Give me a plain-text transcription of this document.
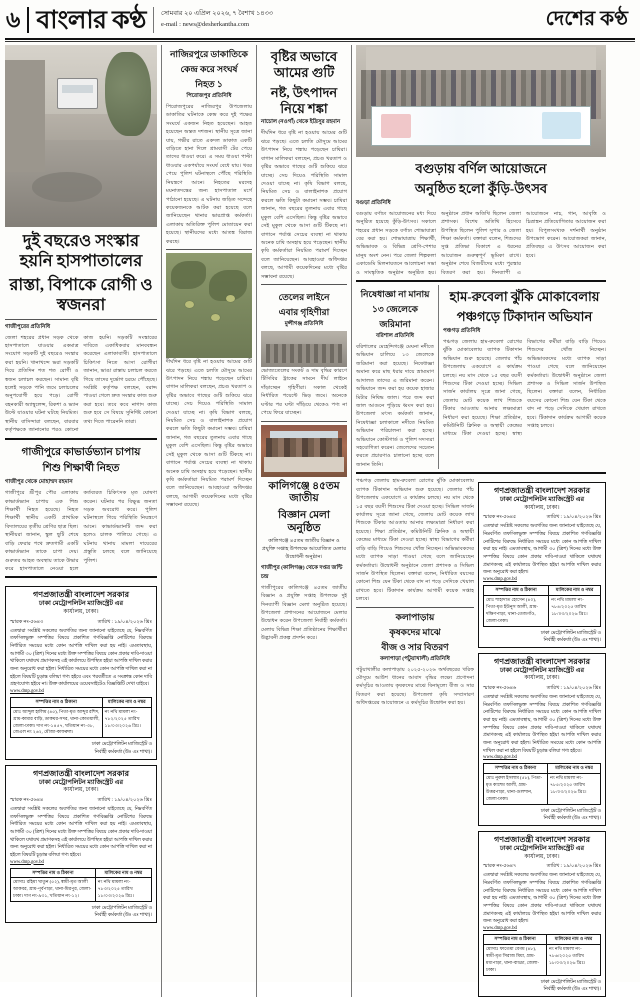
৬ বাংলার কণ্ঠ সোমবার ২০ এপ্রিল ২০২৬, ৭ বৈশাখ ১৪৩৩
e-mail : news@desherkantha.com	দেশের কণ্ঠ
দুই বছরেও সংস্কার হয়নি হাসপাতালের
রাস্তা, বিপাকে রোগী ও স্বজনরা
গাজীপুরের প্রতিনিধি
জেলা শহরের প্রধান সড়ক থেকে হাসপাতালে যাওয়ার একমাত্র সংযোগ সড়কটি দুই বছরেও সংস্কার করা হয়নি। খানাখন্দে ভরা সড়কটি দিয়ে প্রতিদিন শত শত রোগী ও স্বজন চলাচল করছেন। সামান্য বৃষ্টি হলেই সড়কে পানি জমে চলাচলের অনুপযোগী হয়ে পড়ে। রোগী বহনকারী অ্যাম্বুলেন্স, রিকশা ও ভ্যান উল্টে যাওয়ার ঘটনা ঘটছে নিয়মিত। স্থানীয় বাসিন্দারা বলছেন, বারবার কর্তৃপক্ষকে জানানোর পরও কোনো কাজ হয়নি। সড়কটি সংস্কারের দাবিতে একাধিকবার মানববন্ধন করেছেন এলাকাবাসী। হাসপাতালে চিকিৎসা নিতে আসা রোগীরা জানান, ভাঙা রাস্তায় চলাচল করতে গিয়ে তাদের দুর্ভোগ চরমে পৌঁছেছে। সংশ্লিষ্ট কর্তৃপক্ষ বলছেন, বরাদ্দ পাওয়া গেলে দ্রুত সংস্কার কাজ শুরু করা হবে। তবে কবে নাগাদ কাজ শুরু হবে সে বিষয়ে সুনির্দিষ্ট কোনো তথ্য দিতে পারেননি তারা।
গাজীপুরে কাভার্ডভ্যান চাপায়
শিশু শিক্ষার্থী নিহত
গাজীপুর থেকে মোহাম্মদ রহমান
গাজীপুরে শ্রীপুর পৌর এলাকায় কাভার্ডভ্যান চাপায় এক শিশু শিক্ষার্থী নিহত হয়েছে। নিহত শিক্ষার্থী স্থানীয় একটি প্রাথমিক বিদ্যালয়ের তৃতীয় শ্রেণির ছাত্র ছিল। স্থানীয়রা জানান, স্কুল ছুটি শেষে বাড়ি ফেরার পথে দ্রুতগামী একটি কাভার্ডভ্যান তাকে চাপা দেয়। গুরুতর আহত অবস্থায় তাকে উদ্ধার করে হাসপাতালে নেওয়া হলে কর্তব্যরত চিকিৎসক মৃত ঘোষণা করেন। ঘটনার পর বিক্ষুব্ধ জনতা সড়ক অবরোধ করে। পুলিশ ঘটনাস্থলে গিয়ে পরিস্থিতি নিয়ন্ত্রণে আনে। কাভার্ডভ্যানটি জব্দ করা হলেও চালক পালিয়ে গেছে। এ ঘটনায় থানায় মামলা দায়েরের প্রস্তুতি চলছে বলে জানিয়েছে পুলিশ।
গণপ্রজাতন্ত্রী বাংলাদেশ সরকার
ঢাকা মেট্রোপলিটন ম্যাজিস্ট্রেট এর
কার্যালয়, ঢাকা।
স্মারক নং-৫৬৪৩	তারিখ : ১৯/০৪/২০২৬ খ্রিঃ
এতদ্বারা সংশ্লিষ্ট সকলের অবগতির জন্য জানানো যাইতেছে যে, নিম্নবর্ণিত তফসিলভুক্ত সম্পত্তির বিষয়ে প্রকাশিত গণবিজ্ঞপ্তি নোটিশের বিরুদ্ধে নির্ধারিত সময়ের মধ্যে কোন আপত্তি দাখিল করা হয় নাই। এমতাবস্থায়, আগামী ৩০ (ত্রিশ) দিনের মধ্যে উক্ত সম্পত্তির বিষয়ে কোন প্রকার দাবি-দাওয়া থাকিলে যথাযথ প্রমাণকসহ এই কার্যালয়ে উপস্থিত হইয়া আপত্তি দাখিল করার জন্য অনুরোধ করা হইল। নির্ধারিত সময়ের মধ্যে কোন আপত্তি দাখিল করা না হইলে বিষয়টি চূড়ান্ত বলিয়া গণ্য হইবে এবং পরবর্তীতে এ সংক্রান্ত কোন দাবি গ্রহণযোগ্য হইবে না। উক্ত কার্যালয়ের ওয়েবসাইটেও বিজ্ঞপ্তিটি দেখা যাইবে।
www.dmp.gov.bd
সম্পত্তির নাম ও ঠিকানা	মালিকের নাম ও নম্বর
মোঃ আব্দুল হালিম (৪৫), পিতা-মৃত আব্দুর রশিদ, গ্রাম-কামার বাড়ি, ডাকঘর-সদর, থানা-কোতয়ালী, জেলা-ঢাকা। দাগ নং-১৪৫৭, খতিয়ান নং-৩৮, জেএল নং ২৬২, মৌজা-কাফরুল।	নং নথি মামলা নং- ৭৮২/২০২৫ তারিখ ১৮/০৩/২০২৬ খ্রিঃ।
ঢাকা মেট্রোপলিটন ম্যাজিস্ট্রেট ও
নির্বাহী কর্মকর্তা (উঃ এঃ শাখা)।
গণপ্রজাতন্ত্রী বাংলাদেশ সরকার
ঢাকা মেট্রোপলিটন ম্যাজিস্ট্রেট এর
কার্যালয়, ঢাকা।
স্মারক নং-৫৬৪৪	তারিখ : ১৯/০৪/২০২৬ খ্রিঃ
এতদ্বারা সংশ্লিষ্ট সকলের অবগতির জন্য জানানো যাইতেছে যে, নিম্নবর্ণিত তফসিলভুক্ত সম্পত্তির বিষয়ে প্রকাশিত গণবিজ্ঞপ্তি নোটিশের বিরুদ্ধে নির্ধারিত সময়ের মধ্যে কোন আপত্তি দাখিল করা হয় নাই। এমতাবস্থায়, আগামী ৩০ (ত্রিশ) দিনের মধ্যে উক্ত সম্পত্তির বিষয়ে কোন প্রকার দাবি-দাওয়া থাকিলে যথাযথ প্রমাণকসহ এই কার্যালয়ে উপস্থিত হইয়া আপত্তি দাখিল করার জন্য অনুরোধ করা হইল। নির্ধারিত সময়ের মধ্যে কোন আপত্তি দাখিল করা না হইলে বিষয়টি চূড়ান্ত বলিয়া গণ্য হইবে।
www.dmp.gov.bd
সম্পত্তির নাম ও ঠিকানা	মালিকের নাম ও নম্বর
মোসাঃ রহিমা খাতুন (৫২), স্বামী-মৃত আলী আকবর, গ্রাম-পূর্বপাড়া, থানা-মিরপুর, জেলা-ঢাকা। দাগ নং-৯৩১, খতিয়ান নং-১২।	নং নথি মামলা নং- ৭৮৩/২০২৫ তারিখ ১৮/০৩/২০২৬ খ্রিঃ।
ঢাকা মেট্রোপলিটন ম্যাজিস্ট্রেট ও
নির্বাহী কর্মকর্তা (উঃ এঃ শাখা)।
নাজিরপুরে ডাকাতিকে
কেন্দ্র করে সংঘর্ষ
নিহত ১
পিরোজপুর প্রতিনিধি
পিরোজপুরের নাজিরপুর উপজেলায় ডাকাতির ঘটনাকে কেন্দ্র করে দুই পক্ষের সংঘর্ষে একজন নিহত হয়েছেন। আহত হয়েছেন অন্তত দশজন। স্থানীয় সূত্রে জানা যায়, গভীর রাতে একদল ডাকাত একটি বাড়িতে হানা দিলে গ্রামবাসী টের পেয়ে তাদের ধাওয়া করে। এ সময় ধাওয়া পাল্টা ধাওয়ার একপর্যায়ে সংঘর্ষ বেধে যায়। খবর পেয়ে পুলিশ ঘটনাস্থলে পৌঁছে পরিস্থিতি নিয়ন্ত্রণে আনে। নিহতের মরদেহ ময়নাতদন্তের জন্য হাসপাতাল মর্গে পাঠানো হয়েছে। এ ঘটনায় জড়িত সন্দেহে কয়েকজনকে আটক করা হয়েছে বলে জানিয়েছেন থানার ভারপ্রাপ্ত কর্মকর্তা। এলাকায় অতিরিক্ত পুলিশ মোতায়েন করা হয়েছে। স্থানীয়দের মধ্যে আতঙ্ক বিরাজ করছে।
দীর্ঘদিন ধরে বৃষ্টি না হওয়ায় আমের গুটি ঝরে পড়ছে। এতে চলতি মৌসুমে আমের উৎপাদন নিয়ে শঙ্কায় পড়েছেন চাষিরা। বাগান মালিকরা বলছেন, প্রচণ্ড খরতাপ ও বৃষ্টির অভাবে গাছের গুটি শুকিয়ে ঝরে যাচ্ছে। সেচ দিয়েও পরিস্থিতি সামাল দেওয়া যাচ্ছে না। কৃষি বিভাগ বলছে, নিয়মিত সেচ ও বালাইনাশক প্রয়োগ করলে ক্ষতি কিছুটা কমানো সম্ভব। চাষিরা জানান, গত বছরের তুলনায় এবার গাছে মুকুল বেশি এসেছিল। কিন্তু বৃষ্টির অভাবে সেই মুকুল থেকে আসা গুটি টিকছে না। বাগানে পর্যাপ্ত সেচের ব্যবস্থা না থাকায় অনেক চাষি অসহায় হয়ে পড়েছেন। স্থানীয় কৃষি কর্মকর্তারা নিয়মিত পরামর্শ দিচ্ছেন বলে জানিয়েছেন। আবহাওয়া অধিদপ্তর বলছে, আগামী কয়েকদিনের মধ্যে বৃষ্টির সম্ভাবনা রয়েছে।
বৃষ্টির অভাবে আমের গুটি
নষ্ট, উৎপাদন নিয়ে শঙ্কা
নাচোল (নওগাঁ) থেকে ইদ্রিসুর রহমান
দীর্ঘদিন ধরে বৃষ্টি না হওয়ায় আমের গুটি ঝরে পড়ছে। এতে চলতি মৌসুমে আমের উৎপাদন নিয়ে শঙ্কায় পড়েছেন চাষিরা। বাগান মালিকরা বলছেন, প্রচণ্ড খরতাপ ও বৃষ্টির অভাবে গাছের গুটি শুকিয়ে ঝরে যাচ্ছে। সেচ দিয়েও পরিস্থিতি সামাল দেওয়া যাচ্ছে না। কৃষি বিভাগ বলছে, নিয়মিত সেচ ও বালাইনাশক প্রয়োগ করলে ক্ষতি কিছুটা কমানো সম্ভব। চাষিরা জানান, গত বছরের তুলনায় এবার গাছে মুকুল বেশি এসেছিল। কিন্তু বৃষ্টির অভাবে সেই মুকুল থেকে আসা গুটি টিকছে না। বাগানে পর্যাপ্ত সেচের ব্যবস্থা না থাকায় অনেক চাষি অসহায় হয়ে পড়েছেন। স্থানীয় কৃষি কর্মকর্তারা নিয়মিত পরামর্শ দিচ্ছেন বলে জানিয়েছেন। আবহাওয়া অধিদপ্তর বলছে, আগামী কয়েকদিনের মধ্যে বৃষ্টির সম্ভাবনা রয়েছে।
তেলের লাইনে
এবার গৃহিণীরা
মুন্সীগঞ্জ প্রতিনিধি
ভোজ্যতেলের সংকট ও দাম বৃদ্ধির কারণে টিসিবির ট্রাকের সামনে দীর্ঘ লাইনে দাঁড়াচ্ছেন গৃহিণীরা। সকাল থেকেই নির্ধারিত পয়েন্টে ভিড় জমে। অনেকে ঘণ্টার পর ঘণ্টা দাঁড়িয়ে থেকেও পণ্য না পেয়ে ফিরে যাচ্ছেন।
কালিগঞ্জে ৪৫তম জাতীয়
বিজ্ঞান মেলা অনুষ্ঠিত
কালিগঞ্জে ৪৫তম জাতীয় বিজ্ঞান ও প্রযুক্তি সপ্তাহ উপলক্ষে আয়োজিত মেলার উদ্বোধনী অনুষ্ঠান।
গাজীপুর (কালিগঞ্জ) থেকে দপ্তর জন্টি চন্দ্র
গাজীপুরের কালিগঞ্জে ৪৫তম জাতীয় বিজ্ঞান ও প্রযুক্তি সপ্তাহ উপলক্ষে দুই দিনব্যাপী বিজ্ঞান মেলা অনুষ্ঠিত হয়েছে। উপজেলা প্রশাসনের আয়োজনে মেলার উদ্বোধন করেন উপজেলা নির্বাহী কর্মকর্তা। মেলায় বিভিন্ন শিক্ষা প্রতিষ্ঠানের শিক্ষার্থীরা উদ্ভাবনী প্রকল্প প্রদর্শন করে।
বগুড়ায় বর্ণিল আয়োজনে
অনুষ্ঠিত হলো কুঁড়ি-উৎসব
বগুড়া প্রতিনিধি
বগুড়ায় বর্ণাঢ্য আয়োজনের মধ্য দিয়ে অনুষ্ঠিত হয়েছে কুঁড়ি-উৎসব। সকালে শহরের প্রধান সড়কে বর্ণাঢ্য শোভাযাত্রা বের করা হয়। শোভাযাত্রায় শিক্ষার্থী, অভিভাবক ও বিভিন্ন শ্রেণি-পেশার মানুষ অংশ নেন। পরে জেলা শিল্পকলা একাডেমি মিলনায়তনে আলোচনা সভা ও সাংস্কৃতিক অনুষ্ঠান অনুষ্ঠিত হয়। অনুষ্ঠানে প্রধান অতিথি ছিলেন জেলা প্রশাসক। বিশেষ অতিথি হিসেবে উপস্থিত ছিলেন পুলিশ সুপার ও জেলা শিক্ষা কর্মকর্তা। বক্তারা বলেন, শিশুদের সুপ্ত প্রতিভা বিকাশে এ ধরনের আয়োজন গুরুত্বপূর্ণ ভূমিকা রাখে। অনুষ্ঠান শেষে বিজয়ীদের মধ্যে পুরস্কার বিতরণ করা হয়। দিনব্যাপী এ আয়োজনে নাচ, গান, আবৃত্তি ও চিত্রাঙ্কন প্রতিযোগিতার আয়োজন করা হয়। বিপুলসংখ্যক দর্শনার্থী অনুষ্ঠান উপভোগ করেন। আয়োজকরা জানান, প্রতিবছর এ উৎসব আয়োজন করা হবে।
নিষেধাজ্ঞা না মানায়
১৩ জেলেকে
জরিমানা
বরিশাল প্রতিনিধি
বরিশালের মেহেন্দিগঞ্জে মেঘনা নদীতে অভিযান চালিয়ে ১৩ জেলেকে জরিমানা করা হয়েছে। নিষেধাজ্ঞা অমান্য করে মাছ ধরার দায়ে ভ্রাম্যমাণ আদালত তাদের এ জরিমানা করেন। অভিযানে জব্দ করা হয় কয়েক হাজার মিটার নিষিদ্ধ জাল। পরে জব্দ করা জাল আগুনে পুড়িয়ে ধ্বংস করা হয়। উপজেলা মৎস্য কর্মকর্তা জানান, নিষেধাজ্ঞা চলাকালে নদীতে নিয়মিত অভিযান পরিচালনা করা হচ্ছে। অভিযানে কোস্টগার্ড ও পুলিশ সদস্যরা সহযোগিতা করেন। জেলেদের সচেতন করতে প্রচারণাও চালানো হচ্ছে বলে জানান তিনি।
হাম-রুবেলা ঝুঁকি মোকাবেলায়
পঞ্চগড়ে টিকাদান অভিযান
পঞ্চগড় প্রতিনিধি
পঞ্চগড় জেলায় হাম-রুবেলা রোগের ঝুঁকি মোকাবেলায় ব্যাপক টিকাদান অভিযান শুরু হয়েছে। জেলার পাঁচ উপজেলায় একযোগে এ কার্যক্রম চলছে। নয় মাস থেকে ১৫ বছর বয়সী শিশুদের টিকা দেওয়া হচ্ছে। সিভিল সার্জন কার্যালয় সূত্রে জানা গেছে, জেলায় মোট কয়েক লাখ শিশুকে টিকার আওতায় আনার লক্ষ্যমাত্রা নির্ধারণ করা হয়েছে। শিক্ষা প্রতিষ্ঠান, কমিউনিটি ক্লিনিক ও অস্থায়ী কেন্দ্রের মাধ্যমে টিকা দেওয়া হচ্ছে। স্বাস্থ্য বিভাগের কর্মীরা বাড়ি বাড়ি গিয়েও শিশুদের খোঁজ নিচ্ছেন। অভিভাবকদের মধ্যে ব্যাপক সাড়া পাওয়া গেছে বলে জানিয়েছেন কর্মকর্তারা। উদ্বোধনী অনুষ্ঠানে জেলা প্রশাসক ও সিভিল সার্জন উপস্থিত ছিলেন। বক্তারা বলেন, নির্ধারিত বয়সের কোনো শিশু যেন টিকা থেকে বাদ না পড়ে সেদিকে খেয়াল রাখতে হবে। টিকাদান কার্যক্রম আগামী কয়েক সপ্তাহ চলবে।
পঞ্চগড় জেলায় হাম-রুবেলা রোগের ঝুঁকি মোকাবেলায় ব্যাপক টিকাদান অভিযান শুরু হয়েছে। জেলার পাঁচ উপজেলায় একযোগে এ কার্যক্রম চলছে। নয় মাস থেকে ১৫ বছর বয়সী শিশুদের টিকা দেওয়া হচ্ছে। সিভিল সার্জন কার্যালয় সূত্রে জানা গেছে, জেলায় মোট কয়েক লাখ শিশুকে টিকার আওতায় আনার লক্ষ্যমাত্রা নির্ধারণ করা হয়েছে। শিক্ষা প্রতিষ্ঠান, কমিউনিটি ক্লিনিক ও অস্থায়ী কেন্দ্রের মাধ্যমে টিকা দেওয়া হচ্ছে। স্বাস্থ্য বিভাগের কর্মীরা বাড়ি বাড়ি গিয়েও শিশুদের খোঁজ নিচ্ছেন। অভিভাবকদের মধ্যে ব্যাপক সাড়া পাওয়া গেছে বলে জানিয়েছেন কর্মকর্তারা। উদ্বোধনী অনুষ্ঠানে জেলা প্রশাসক ও সিভিল সার্জন উপস্থিত ছিলেন। বক্তারা বলেন, নির্ধারিত বয়সের কোনো শিশু যেন টিকা থেকে বাদ না পড়ে সেদিকে খেয়াল রাখতে হবে। টিকাদান কার্যক্রম আগামী কয়েক সপ্তাহ চলবে।
কলাপাড়ায়
কৃষকদের মাঝে
বীজ ও সার বিতরণ
কলাপাড়া (পটুয়াখালী) প্রতিনিধি
পটুয়াখালীর কলাপাড়ায় ২০২৫-২০২৬ অর্থবছরের খরিফ মৌসুমে আউশ ধানের আবাদ বৃদ্ধির লক্ষ্যে প্রণোদনা কর্মসূচির আওতায় কৃষকদের মাঝে বিনামূল্যে বীজ ও সার বিতরণ করা হয়েছে। উপজেলা কৃষি সম্প্রসারণ অধিদপ্তরের আয়োজনে এ কর্মসূচির উদ্বোধন করা হয়।
গণপ্রজাতন্ত্রী বাংলাদেশ সরকার
ঢাকা মেট্রোপলিটন ম্যাজিস্ট্রেট এর
কার্যালয়, ঢাকা।
স্মারক নং-৫৬৪৫	তারিখ : ১৯/০৪/২০২৬ খ্রিঃ
এতদ্বারা সংশ্লিষ্ট সকলের অবগতির জন্য জানানো যাইতেছে যে, নিম্নবর্ণিত তফসিলভুক্ত সম্পত্তির বিষয়ে প্রকাশিত গণবিজ্ঞপ্তি নোটিশের বিরুদ্ধে নির্ধারিত সময়ের মধ্যে কোন আপত্তি দাখিল করা হয় নাই। এমতাবস্থায়, আগামী ৩০ (ত্রিশ) দিনের মধ্যে উক্ত সম্পত্তির বিষয়ে কোন প্রকার দাবি-দাওয়া থাকিলে যথাযথ প্রমাণকসহ এই কার্যালয়ে উপস্থিত হইয়া আপত্তি দাখিল করার জন্য অনুরোধ করা হইল।
www.dmp.gov.bd
সম্পত্তির নাম ও ঠিকানা	মালিকের নাম ও নম্বর
মোঃ শাহাদাত হোসেন (৪০), পিতা-মৃত ইউনুস আলী, গ্রাম-দক্ষিণপাড়া, থানা-তেজগাঁও, জেলা-ঢাকা।	নং নথি মামলা নং- ৭৮৪/২০২৫ তারিখ ১৮/০৩/২০২৬ খ্রিঃ।
ঢাকা মেট্রোপলিটন ম্যাজিস্ট্রেট ও
নির্বাহী কর্মকর্তা (উঃ এঃ শাখা)।
গণপ্রজাতন্ত্রী বাংলাদেশ সরকার
ঢাকা মেট্রোপলিটন ম্যাজিস্ট্রেট এর
কার্যালয়, ঢাকা।
স্মারক নং-৫৬৪৬	তারিখ : ১৯/০৪/২০২৬ খ্রিঃ
এতদ্বারা সংশ্লিষ্ট সকলের অবগতির জন্য জানানো যাইতেছে যে, নিম্নবর্ণিত তফসিলভুক্ত সম্পত্তির বিষয়ে প্রকাশিত গণবিজ্ঞপ্তি নোটিশের বিরুদ্ধে নির্ধারিত সময়ের মধ্যে কোন আপত্তি দাখিল করা হয় নাই। এমতাবস্থায়, আগামী ৩০ (ত্রিশ) দিনের মধ্যে উক্ত সম্পত্তির বিষয়ে কোন প্রকার দাবি-দাওয়া থাকিলে যথাযথ প্রমাণকসহ এই কার্যালয়ে উপস্থিত হইয়া আপত্তি দাখিল করার জন্য অনুরোধ করা হইল। নির্ধারিত সময়ের মধ্যে কোন আপত্তি দাখিল করা না হইলে বিষয়টি চূড়ান্ত বলিয়া গণ্য হইবে।
www.dmp.gov.bd
সম্পত্তির নাম ও ঠিকানা	মালিকের নাম ও নম্বর
মোঃ নুরুল ইসলাম (৫৮), পিতা-মৃত কাশেম আলী, গ্রাম-উত্তরপাড়া, থানা-গুলশান, জেলা-ঢাকা।	নং নথি মামলা নং- ৭৮৫/২০২৫ তারিখ ১৮/০৩/২০২৬ খ্রিঃ।
ঢাকা মেট্রোপলিটন ম্যাজিস্ট্রেট ও
নির্বাহী কর্মকর্তা (উঃ এঃ শাখা)।
গণপ্রজাতন্ত্রী বাংলাদেশ সরকার
ঢাকা মেট্রোপলিটন ম্যাজিস্ট্রেট এর
কার্যালয়, ঢাকা।
স্মারক নং-৫৬৪৭	তারিখ : ১৯/০৪/২০২৬ খ্রিঃ
এতদ্বারা সংশ্লিষ্ট সকলের অবগতির জন্য জানানো যাইতেছে যে, নিম্নবর্ণিত তফসিলভুক্ত সম্পত্তির বিষয়ে প্রকাশিত গণবিজ্ঞপ্তি নোটিশের বিরুদ্ধে নির্ধারিত সময়ের মধ্যে কোন আপত্তি দাখিল করা হয় নাই। এমতাবস্থায়, আগামী ৩০ (ত্রিশ) দিনের মধ্যে উক্ত সম্পত্তির বিষয়ে কোন প্রকার দাবি-দাওয়া থাকিলে যথাযথ প্রমাণকসহ এই কার্যালয়ে উপস্থিত হইয়া আপত্তি দাখিল করার জন্য অনুরোধ করা হইল।
www.dmp.gov.bd
সম্পত্তির নাম ও ঠিকানা	মালিকের নাম ও নম্বর
মোসাঃ ফাতেমা বেগম (৪৮), স্বামী-মৃত সিরাজ মিয়া, গ্রাম-মধ্যপাড়া, থানা-বাড্ডা, জেলা-ঢাকা।	নং নথি মামলা নং- ৭৮৬/২০২৫ তারিখ ১৮/০৩/২০২৬ খ্রিঃ।
ঢাকা মেট্রোপলিটন ম্যাজিস্ট্রেট ও
নির্বাহী কর্মকর্তা (উঃ এঃ শাখা)।
